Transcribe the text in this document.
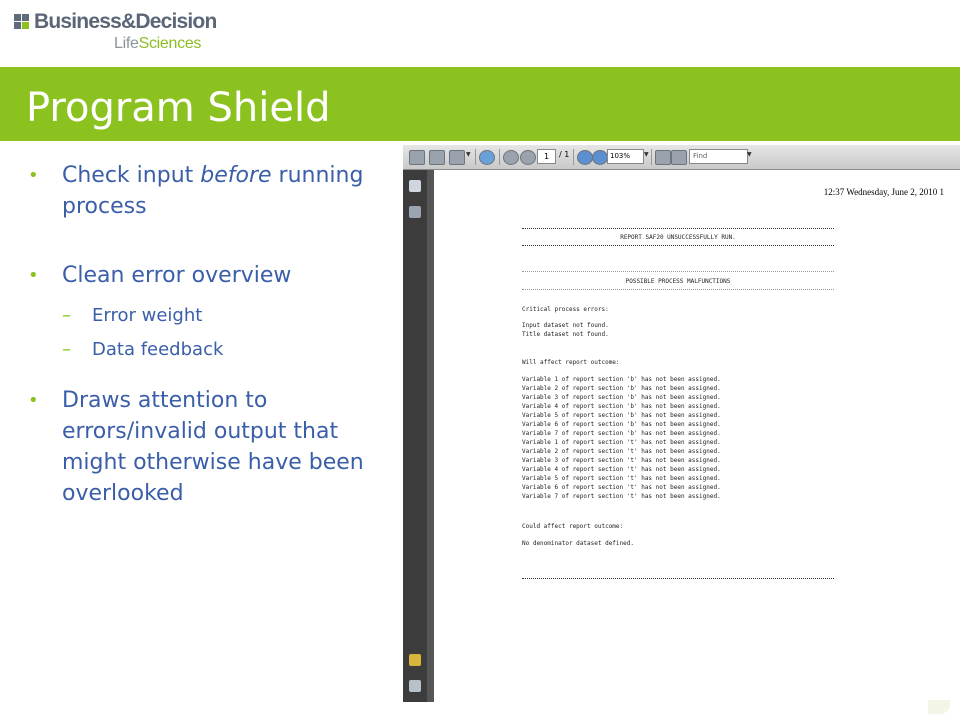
Business&Decision
LifeSciences
Program Shield
• Check input before running process
• Clean error overview
– Error weight
– Data feedback
• Draws attention to errors/invalid output that might otherwise have been overlooked
▼	1	/ 1	103%	▼	Find	▼
12:37 Wednesday, June 2, 2010 1
REPORT SAF20 UNSUCCESSFULLY RUN.
POSSIBLE PROCESS MALFUNCTIONS
Critical process errors:
Input dataset not found.
Title dataset not found.
Will affect report outcome:
Variable 1 of report section 'b' has not been assigned.
Variable 2 of report section 'b' has not been assigned.
Variable 3 of report section 'b' has not been assigned.
Variable 4 of report section 'b' has not been assigned.
Variable 5 of report section 'b' has not been assigned.
Variable 6 of report section 'b' has not been assigned.
Variable 7 of report section 'b' has not been assigned.
Variable 1 of report section 't' has not been assigned.
Variable 2 of report section 't' has not been assigned.
Variable 3 of report section 't' has not been assigned.
Variable 4 of report section 't' has not been assigned.
Variable 5 of report section 't' has not been assigned.
Variable 6 of report section 't' has not been assigned.
Variable 7 of report section 't' has not been assigned.
Could affect report outcome:
No denominator dataset defined.
